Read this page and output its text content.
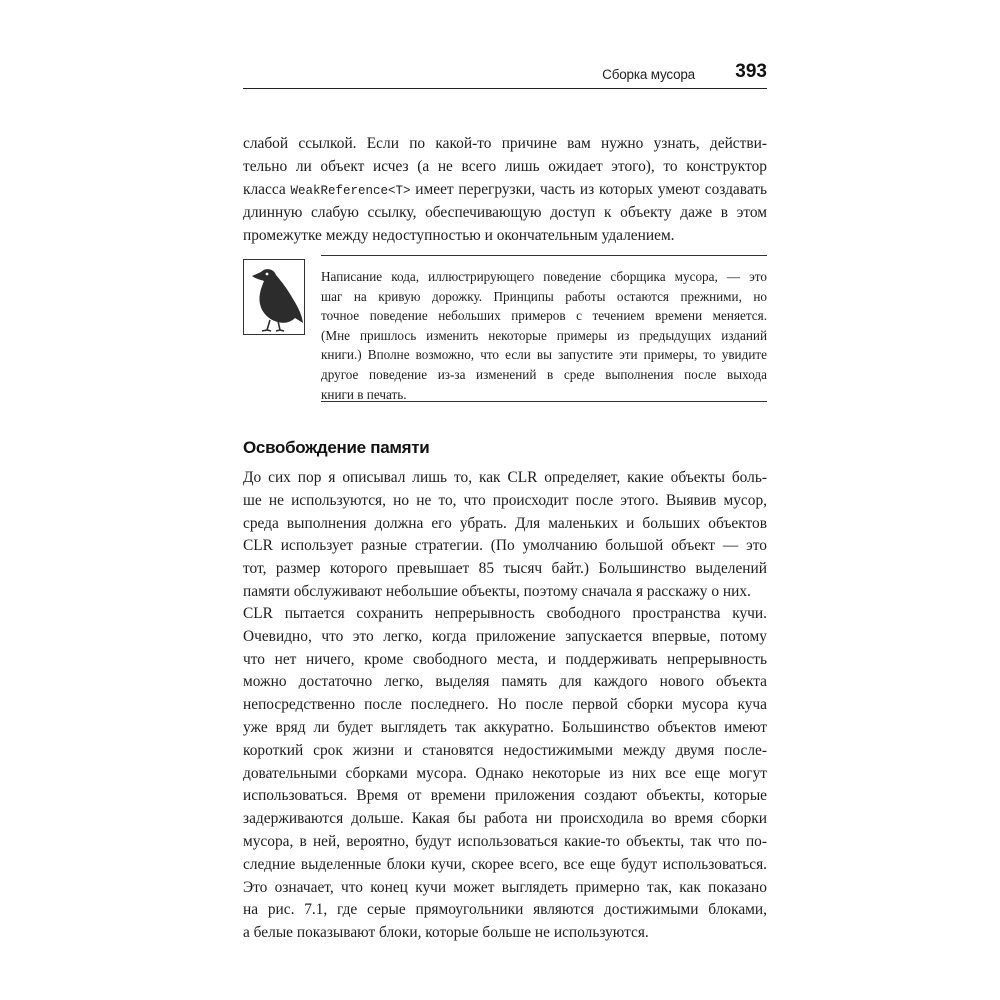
Сборка мусора 393
слабой ссылкой. Если по какой-то причине вам нужно узнать, действи-
тельно ли объект исчез (а не всего лишь ожидает этого), то конструктор
класса WeakReference<T> имеет перегрузки, часть из которых умеют создавать
длинную слабую ссылку, обеспечивающую доступ к объекту даже в этом
промежутке между недоступностью и окончательным удалением.
Написание кода, иллюстрирующего поведение сборщика мусора, — это
шаг на кривую дорожку. Принципы работы остаются прежними, но
точное поведение небольших примеров с течением времени меняется.
(Мне пришлось изменить некоторые примеры из предыдущих изданий
книги.) Вполне возможно, что если вы запустите эти примеры, то увидите
другое поведение из-за изменений в среде выполнения после выхода
книги в печать.
Освобождение памяти
До сих пор я описывал лишь то, как CLR определяет, какие объекты боль-
ше не используются, но не то, что происходит после этого. Выявив мусор,
среда выполнения должна его убрать. Для маленьких и больших объектов
CLR использует разные стратегии. (По умолчанию большой объект — это
тот, размер которого превышает 85 тысяч байт.) Большинство выделений
памяти обслуживают небольшие объекты, поэтому сначала я расскажу о них.
CLR пытается сохранить непрерывность свободного пространства кучи.
Очевидно, что это легко, когда приложение запускается впервые, потому
что нет ничего, кроме свободного места, и поддерживать непрерывность
можно достаточно легко, выделяя память для каждого нового объекта
непосредственно после последнего. Но после первой сборки мусора куча
уже вряд ли будет выглядеть так аккуратно. Большинство объектов имеют
короткий срок жизни и становятся недостижимыми между двумя после-
довательными сборками мусора. Однако некоторые из них все еще могут
использоваться. Время от времени приложения создают объекты, которые
задерживаются дольше. Какая бы работа ни происходила во время сборки
мусора, в ней, вероятно, будут использоваться какие-то объекты, так что по-
следние выделенные блоки кучи, скорее всего, все еще будут использоваться.
Это означает, что конец кучи может выглядеть примерно так, как показано
на рис. 7.1, где серые прямоугольники являются достижимыми блоками,
а белые показывают блоки, которые больше не используются.
